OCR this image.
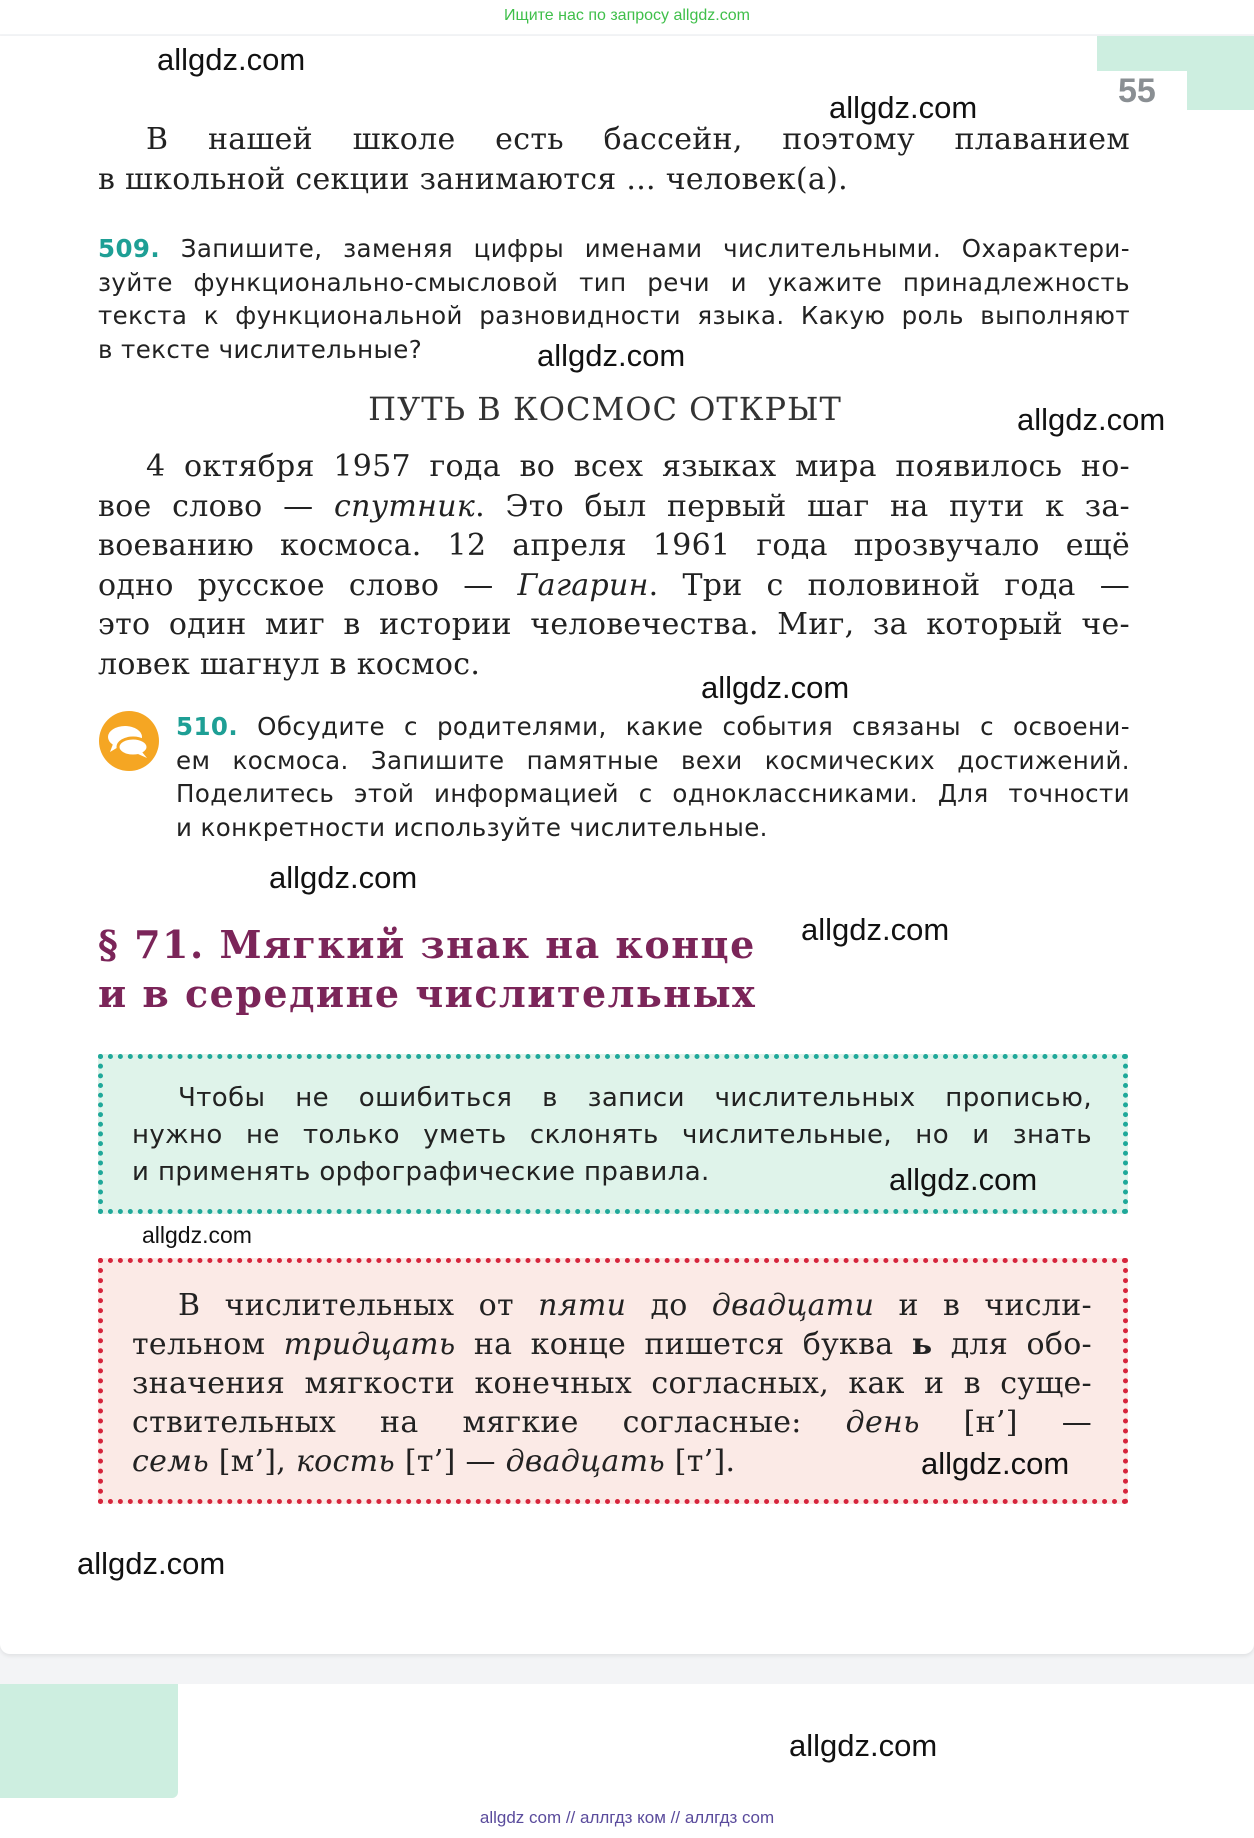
Ищите нас по запросу allgdz.com
55
В нашей школе есть бассейн, поэтому плаванием
в школьной секции занимаются ... человек(а).
509. Запишите, заменяя цифры именами числительными. Охарактери-
зуйте функционально-смысловой тип речи и укажите принадлежность
текста к функциональной разновидности языка. Какую роль выполняют
в тексте числительные?
ПУТЬ В КОСМОС ОТКРЫТ
4 октября 1957 года во всех языках мира появилось но-
вое слово — спутник. Это был первый шаг на пути к за-
воеванию космоса. 12 апреля 1961 года прозвучало ещё
одно русское слово — Гагарин. Три с половиной года —
это один миг в истории человечества. Миг, за который че-
ловек шагнул в космос.
510. Обсудите с родителями, какие события связаны с освоени-
ем космоса. Запишите памятные вехи космических достижений.
Поделитесь этой информацией с одноклассниками. Для точности
и конкретности используйте числительные.
§ 71. Мягкий знак на конце
и в середине числительных
Чтобы не ошибиться в записи числительных прописью,
нужно не только уметь склонять числительные, но и знать
и применять орфографические правила.
allgdz.com
В числительных от пяти до двадцати и в числи-
тельном тридцать на конце пишется буква ь для обо-
значения мягкости конечных согласных, как и в суще-
ствительных на мягкие согласные: день [н’] —
семь [м’], кость [т’] — двадцать [т’].
allgdz.com
allgdz.com
allgdz.com
allgdz.com
allgdz.com
allgdz.com
allgdz.com
allgdz.com
allgdz.com
allgdz.com
allgdz.com
allgdz com // аллгдз ком // аллгдз com
